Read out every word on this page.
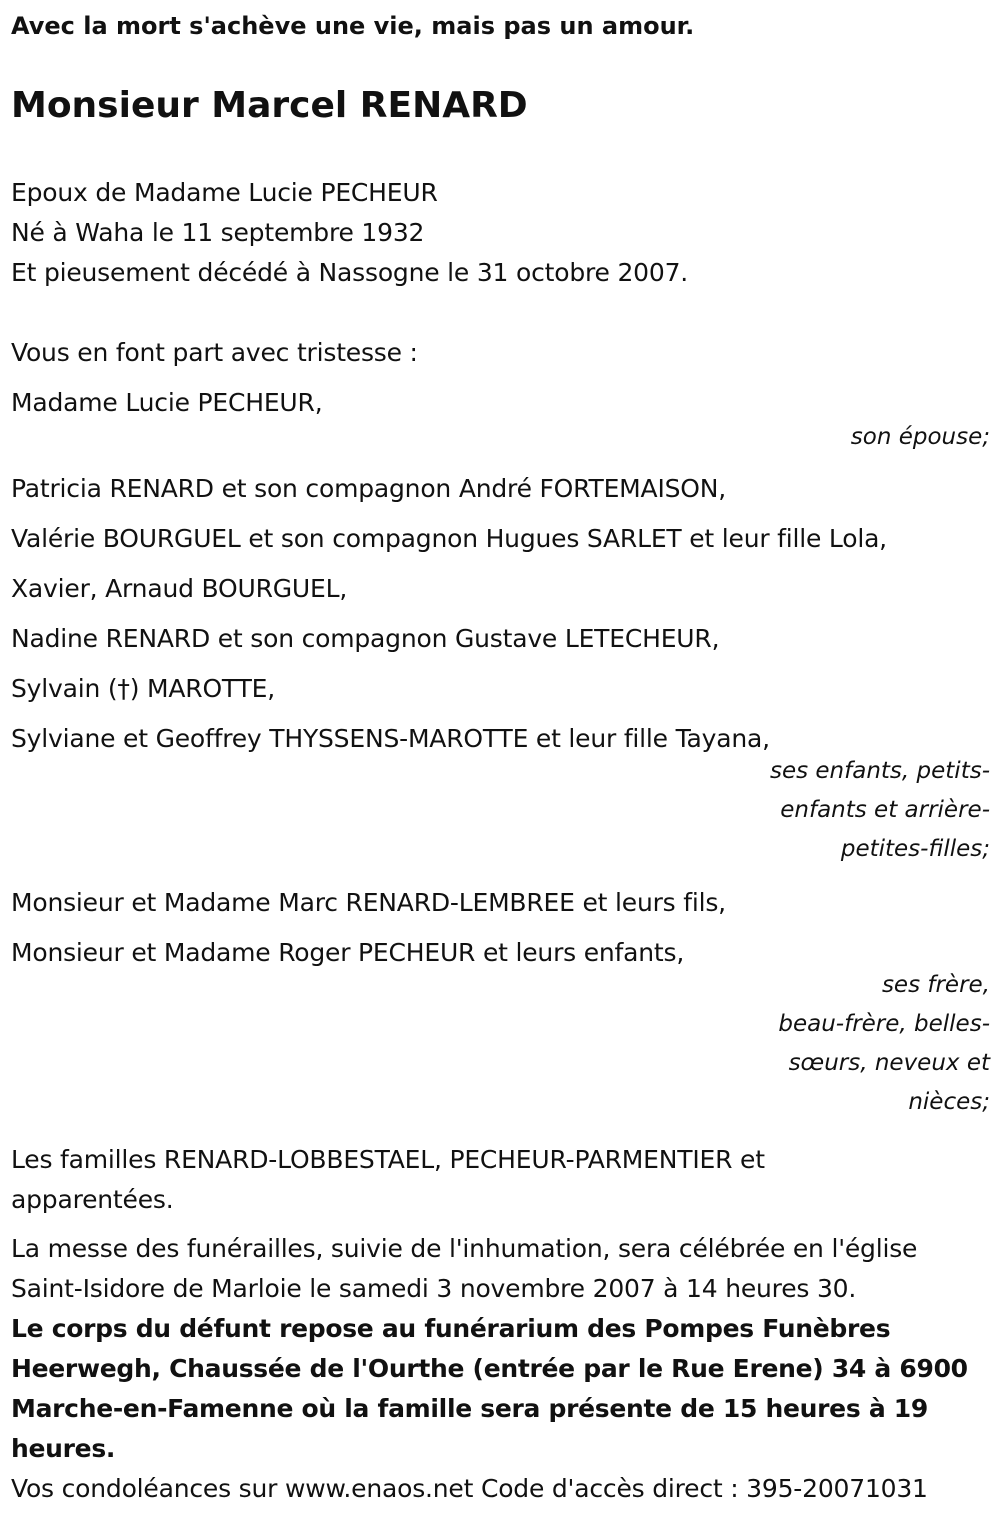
Avec la mort s'achève une vie, mais pas un amour.
Monsieur Marcel RENARD
Epoux de Madame Lucie PECHEUR
Né à Waha le 11 septembre 1932
Et pieusement décédé à Nassogne le 31 octobre 2007.
Vous en font part avec tristesse :
Madame Lucie PECHEUR,
son épouse;
Patricia RENARD et son compagnon André FORTEMAISON,
Valérie BOURGUEL et son compagnon Hugues SARLET et leur fille Lola,
Xavier, Arnaud BOURGUEL,
Nadine RENARD et son compagnon Gustave LETECHEUR,
Sylvain (†) MAROTTE,
Sylviane et Geoffrey THYSSENS-MAROTTE et leur fille Tayana,
ses enfants, petits-
enfants et arrière-
petites-filles;
Monsieur et Madame Marc RENARD-LEMBREE et leurs fils,
Monsieur et Madame Roger PECHEUR et leurs enfants,
ses frère,
beau-frère, belles-
sœurs, neveux et
nièces;
Les familles RENARD-LOBBESTAEL, PECHEUR-PARMENTIER et apparentées.
La messe des funérailles, suivie de l'inhumation, sera célébrée en l'église Saint-Isidore de Marloie le samedi 3 novembre 2007 à 14 heures 30.
Le corps du défunt repose au funérarium des Pompes Funèbres Heerwegh, Chaussée de l'Ourthe (entrée par le Rue Erene) 34 à 6900 Marche-en-Famenne où la famille sera présente de 15 heures à 19 heures.
Vos condoléances sur www.enaos.net Code d'accès direct : 395-20071031
